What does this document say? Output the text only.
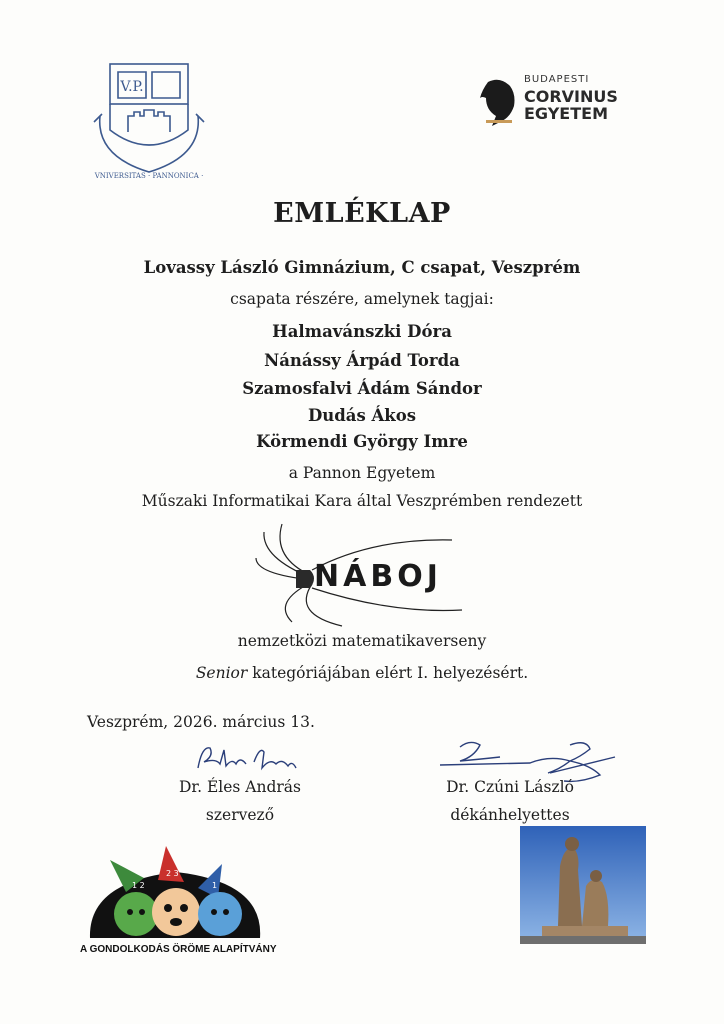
V.P.
VNIVERSITAS · PANNONICA ·
BUDAPESTI
CORVINUS
EGYETEM
EMLÉKLAP
Lovassy László Gimnázium, C csapat, Veszprém
csapata részére, amelynek tagjai:
Halmavánszki Dóra
Nánássy Árpád Torda
Szamosfalvi Ádám Sándor
Dudás Ákos
Körmendi György Imre
a Pannon Egyetem
Műszaki Informatikai Kara által Veszprémben rendezett
NÁBOJ
nemzetközi matematikaverseny
Senior kategóriájában elért I. helyezésért.
Veszprém, 2026. március 13.
Dr. Éles András
szervező
Dr. Czúni László
dékánhelyettes
1 2
2 3
1
A GONDOLKODÁS ÖRÖME ALAPÍTVÁNY
